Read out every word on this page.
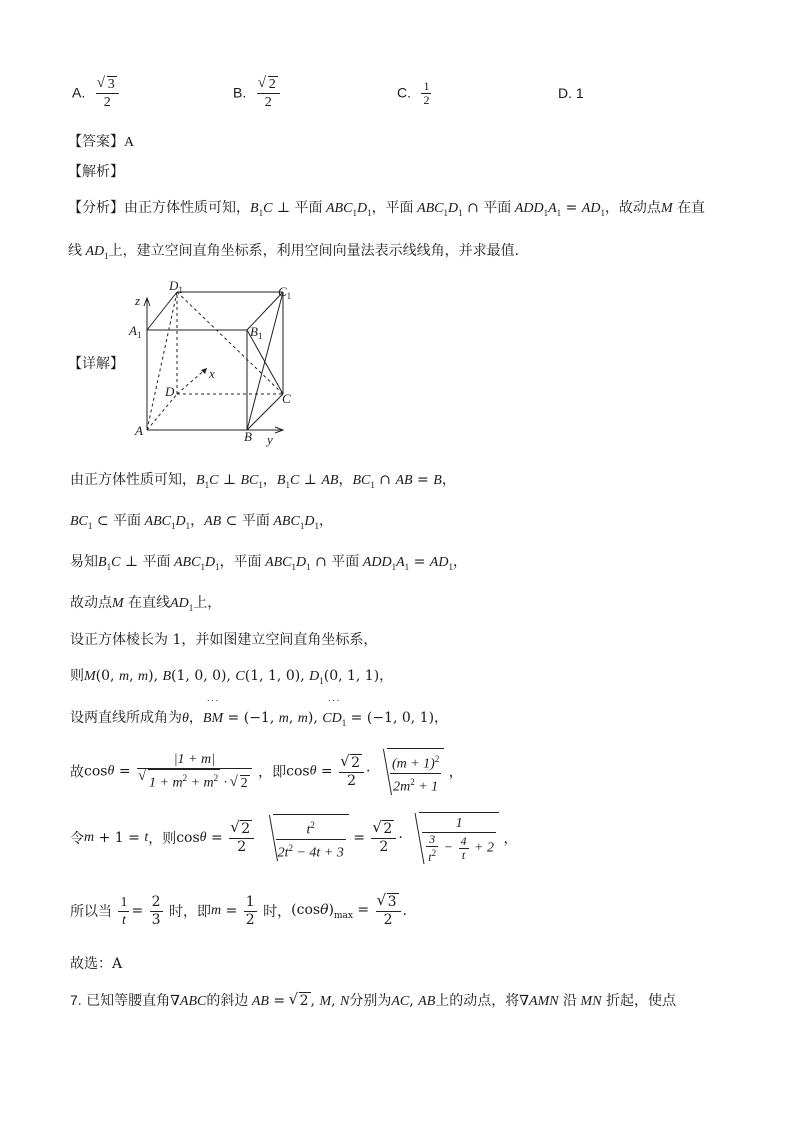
A. √ $\frac{3}{2}$	B. √ $\frac{2}{2}$	C. $\frac{1}{2}$	D. 1
【答案】A
【解析】
【分析】由正方体性质可知，$B_1C$ ⊥ 平面 $ABC_1D_1$，平面 $ABC_1D_1$ ∩ 平面 $ADD_1A_1 = AD_1$，故动点M 在直
线 $AD_1$上，建立空间直角坐标系，利用空间向量法表示线线角，并求最值.
【详解】
z
y
x
$D_1$	$C_1$
$A_1$	$B_1$
D	C
A	B
由正方体性质可知，$B_1C$ ⊥ $BC_1$，$B_1C$ ⊥ AB，$BC_1$ ∩ AB = B，
$BC_1$ ⊂ 平面 $ABC_1D_1$，AB ⊂ 平面 $ABC_1D_1$，
易知$B_1C$ ⊥ 平面 $ABC_1D_1$，平面 $ABC_1D_1$ ∩ 平面 $ADD_1A_1 = AD_1$，
故动点M 在直线$AD_1$上，
设正方体棱长为 1，并如图建立空间直角坐标系，
则M(0, m, m), B(1, 0, 0), C(1, 1, 0), $D_1(0$, 1, 1)，
设两直线所成角为θ，˙˙˙ BM = (−1, m, m), ˙˙˙ $CD_1 = (-1$, 0, 1)，
故cosθ = |1 + m|
√ $1 + m^2 + m^2$ · √ 2 ，即cosθ = √ $\frac{2}{2} \cdot \frac{(m + 1)^2}{2m^2 + 1}$ ，
令m + 1 = t，则cosθ = √ $\frac{2}{2}$
$\frac{t^2}{2t^2 - 4t + 3}$ = √ $\frac{2}{2} \cdot \frac{1}{\frac{3}{t^2} - \frac{4}{t} + 2}$ ，
所以当 $\frac{1}{t} = \frac{2}{3}$ 时，即$m = \frac{1}{2}$ 时，$(\cos\theta)_{max}$ = √ $\frac{3}{2}$ .
故选：A
7. 已知等腰直角∇ABC的斜边 AB = √ 2 , M, N分别为AC, AB上的动点，将∇AMN 沿 MN 折起，使点
